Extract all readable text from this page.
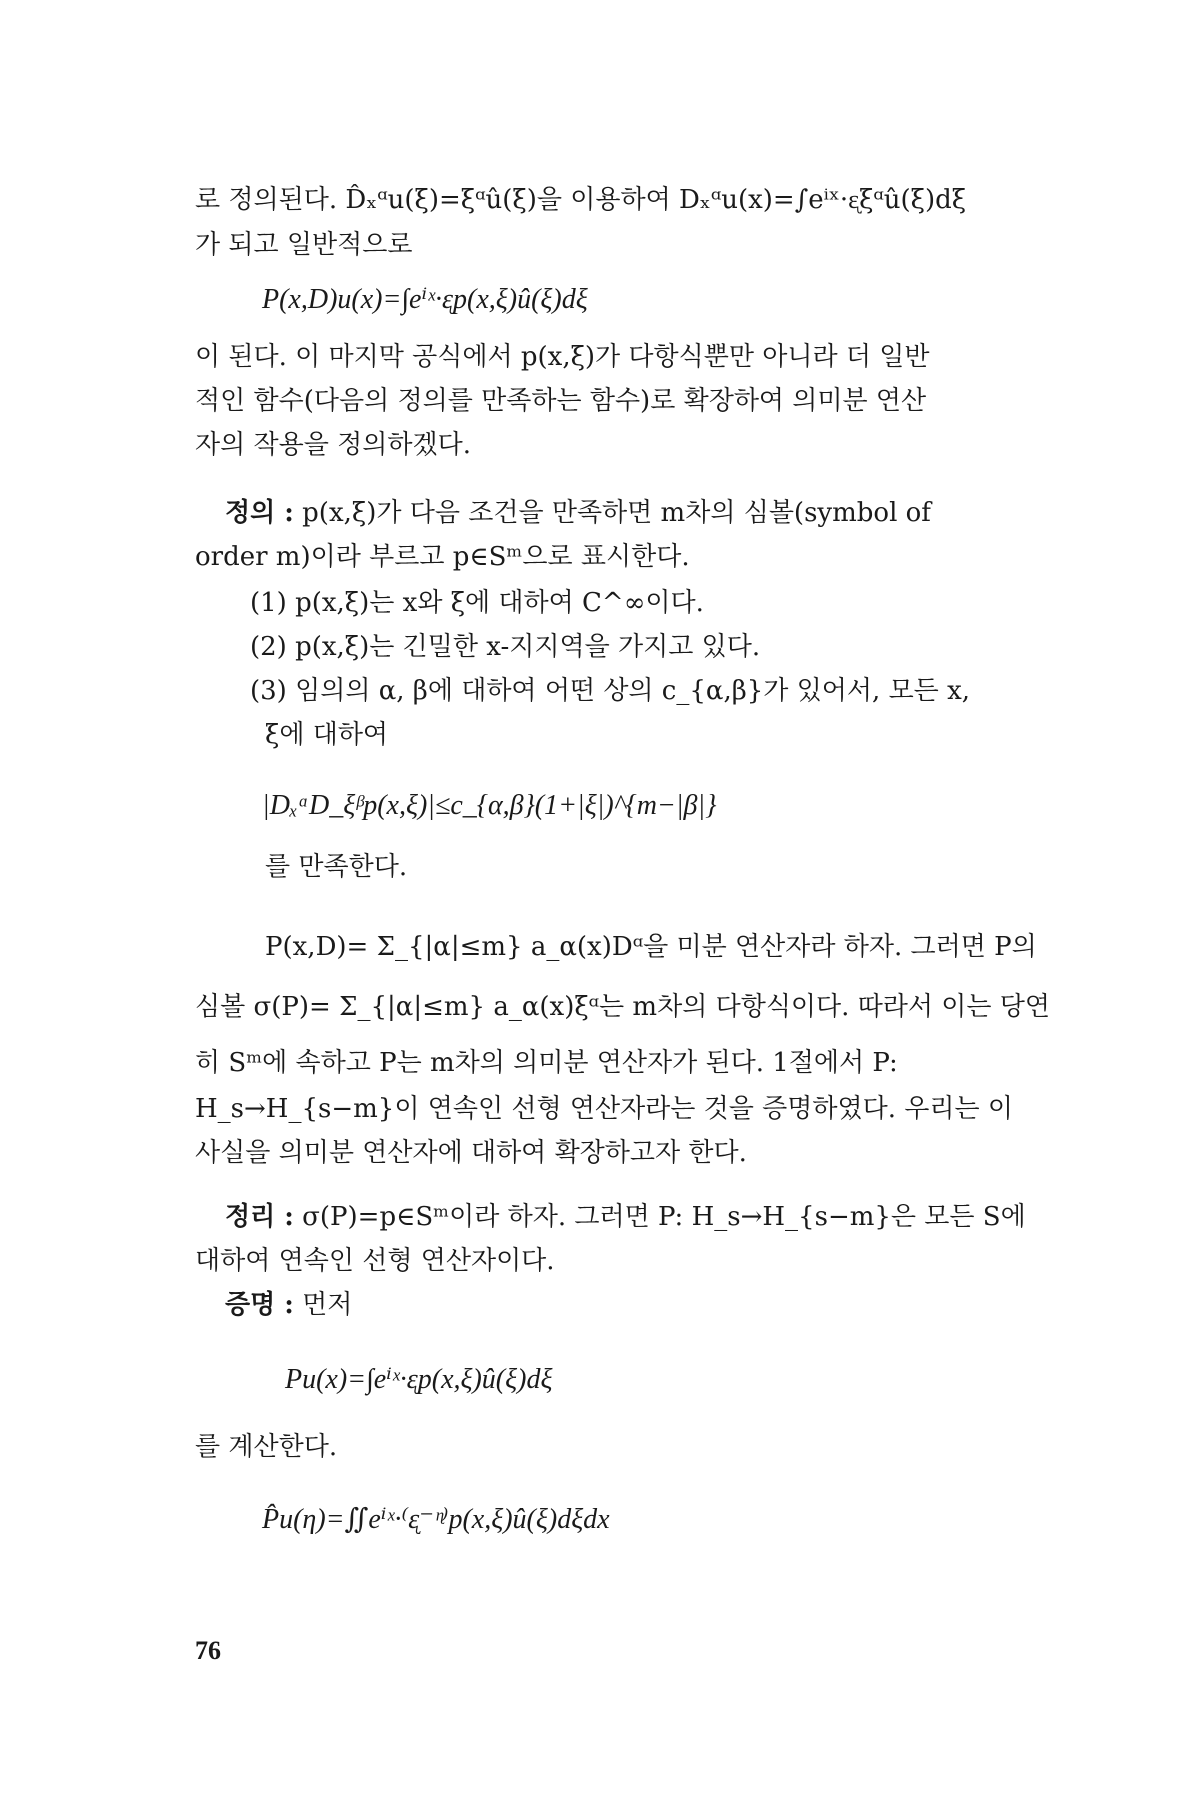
로 정의된다. D̂ₓᵅu(ξ)=ξᵅû(ξ)을 이용하여 Dₓᵅu(x)=∫eⁱˣ·ᶓξᵅû(ξ)dξ
가 되고 일반적으로
P(x,D)u(x)=∫eⁱˣ·ᶓp(x,ξ)û(ξ)dξ
이 된다. 이 마지막 공식에서 p(x,ξ)가 다항식뿐만 아니라 더 일반
적인 함수(다음의 정의를 만족하는 함수)로 확장하여 의미분 연산
자의 작용을 정의하겠다.
정의 : p(x,ξ)가 다음 조건을 만족하면 m차의 심볼(symbol of
order m)이라 부르고 p∈Sᵐ으로 표시한다.
(1) p(x,ξ)는 x와 ξ에 대하여 C^∞이다.
(2) p(x,ξ)는 긴밀한 x-지지역을 가지고 있다.
(3) 임의의 α, β에 대하여 어떤 상의 c_{α,β}가 있어서, 모든 x,
ξ에 대하여
|DₓᵅD_ξᵝp(x,ξ)|≤c_{α,β}(1+|ξ|)^{m−|β|}
를 만족한다.
P(x,D)= Σ_{|α|≤m} a_α(x)Dᵅ을 미분 연산자라 하자. 그러면 P의
심볼 σ(P)= Σ_{|α|≤m} a_α(x)ξᵅ는 m차의 다항식이다. 따라서 이는 당연
히 Sᵐ에 속하고 P는 m차의 의미분 연산자가 된다. 1절에서 P:
H_s→H_{s−m}이 연속인 선형 연산자라는 것을 증명하였다. 우리는 이
사실을 의미분 연산자에 대하여 확장하고자 한다.
정리 : σ(P)=p∈Sᵐ이라 하자. 그러면 P: H_s→H_{s−m}은 모든 S에
대하여 연속인 선형 연산자이다.
증명 : 먼저
Pu(x)=∫eⁱˣ·ᶓp(x,ξ)û(ξ)dξ
를 계산한다.
P̂u(η)=∬eⁱˣ·⁽ᶓ⁻ᶯ⁾p(x,ξ)û(ξ)dξdx
76
